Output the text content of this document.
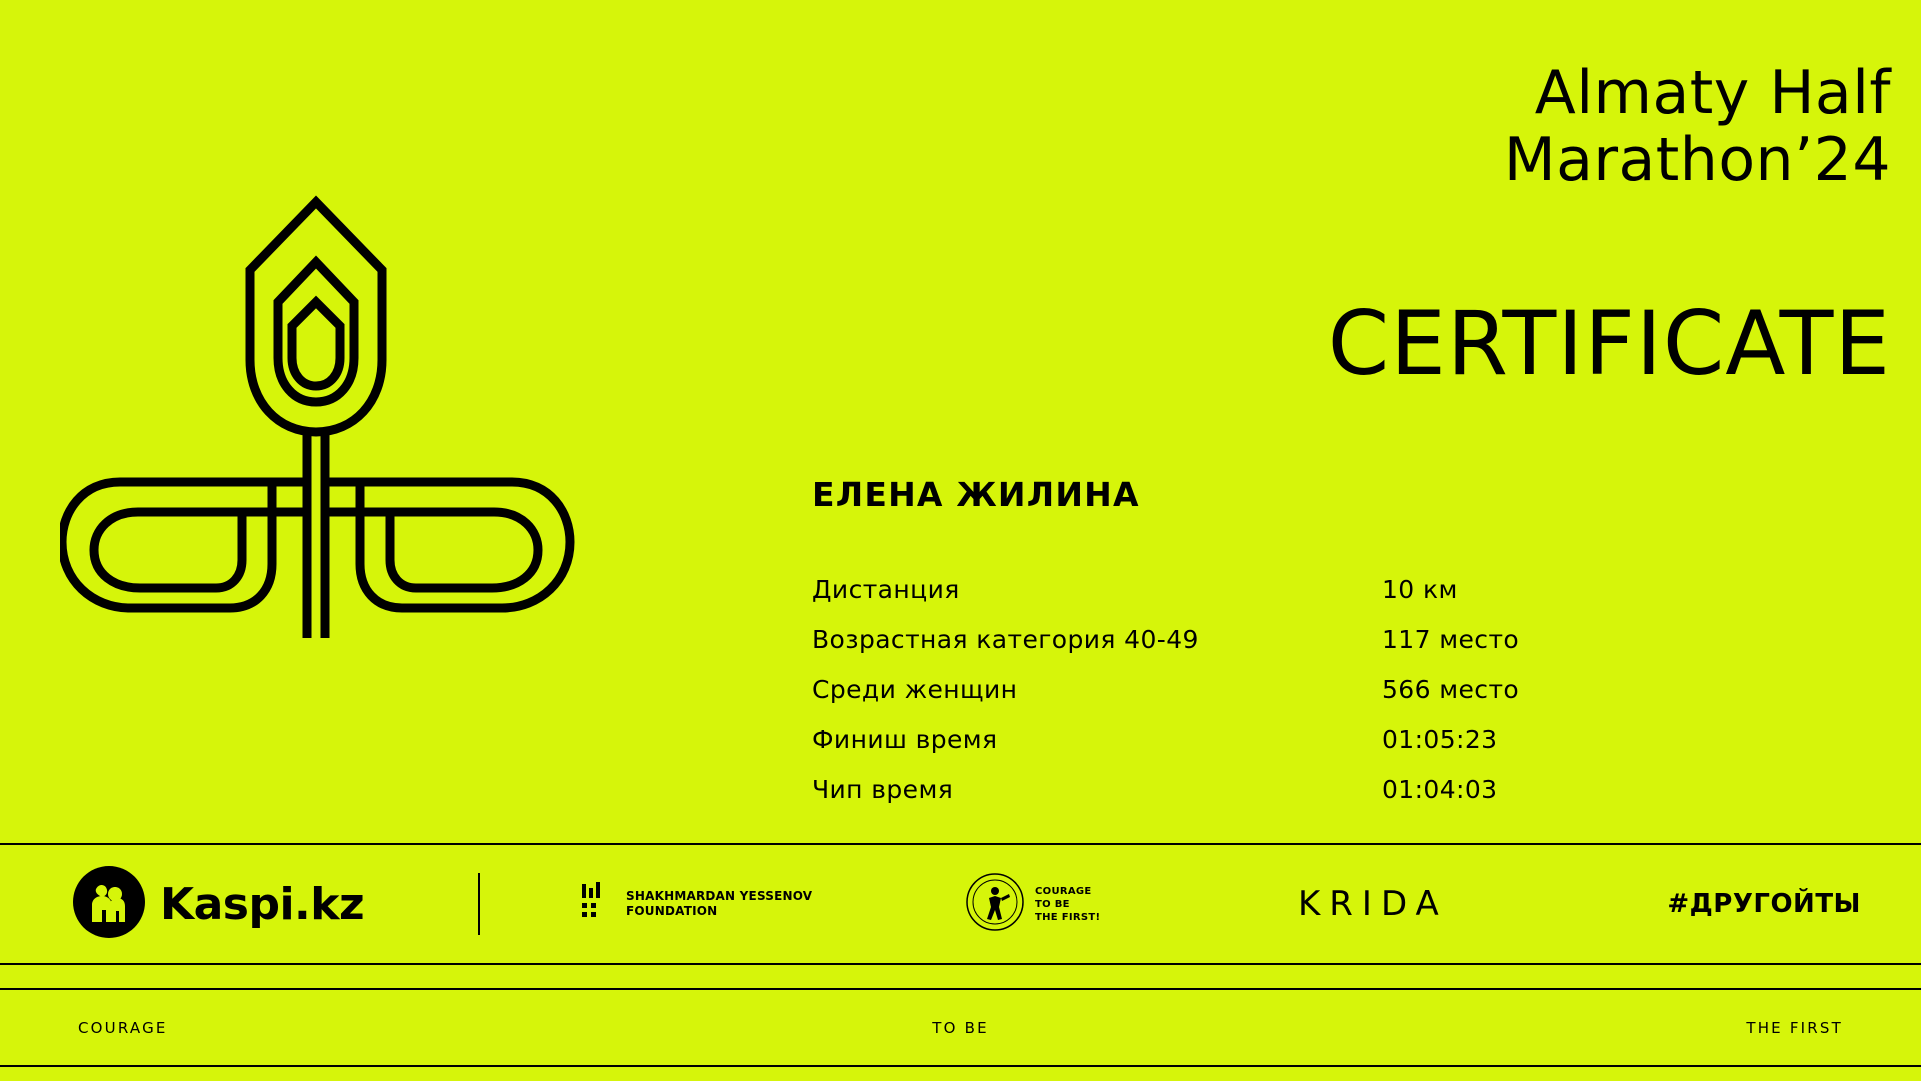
Almaty Half
Marathon’24
CERTIFICATE
ЕЛЕНА ЖИЛИНА
Дистанция	10 км
Возрастная категория 40-49	117 место
Среди женщин	566 место
Финиш время	01:05:23
Чип время	01:04:03
Kaspi.kz	SHAKHMARDAN YESSENOV
FOUNDATION
COURAGE
TO BE
THE FIRST!	KRIDA	#ДРУГОЙТЫ
COURAGE	TO BE	THE FIRST
